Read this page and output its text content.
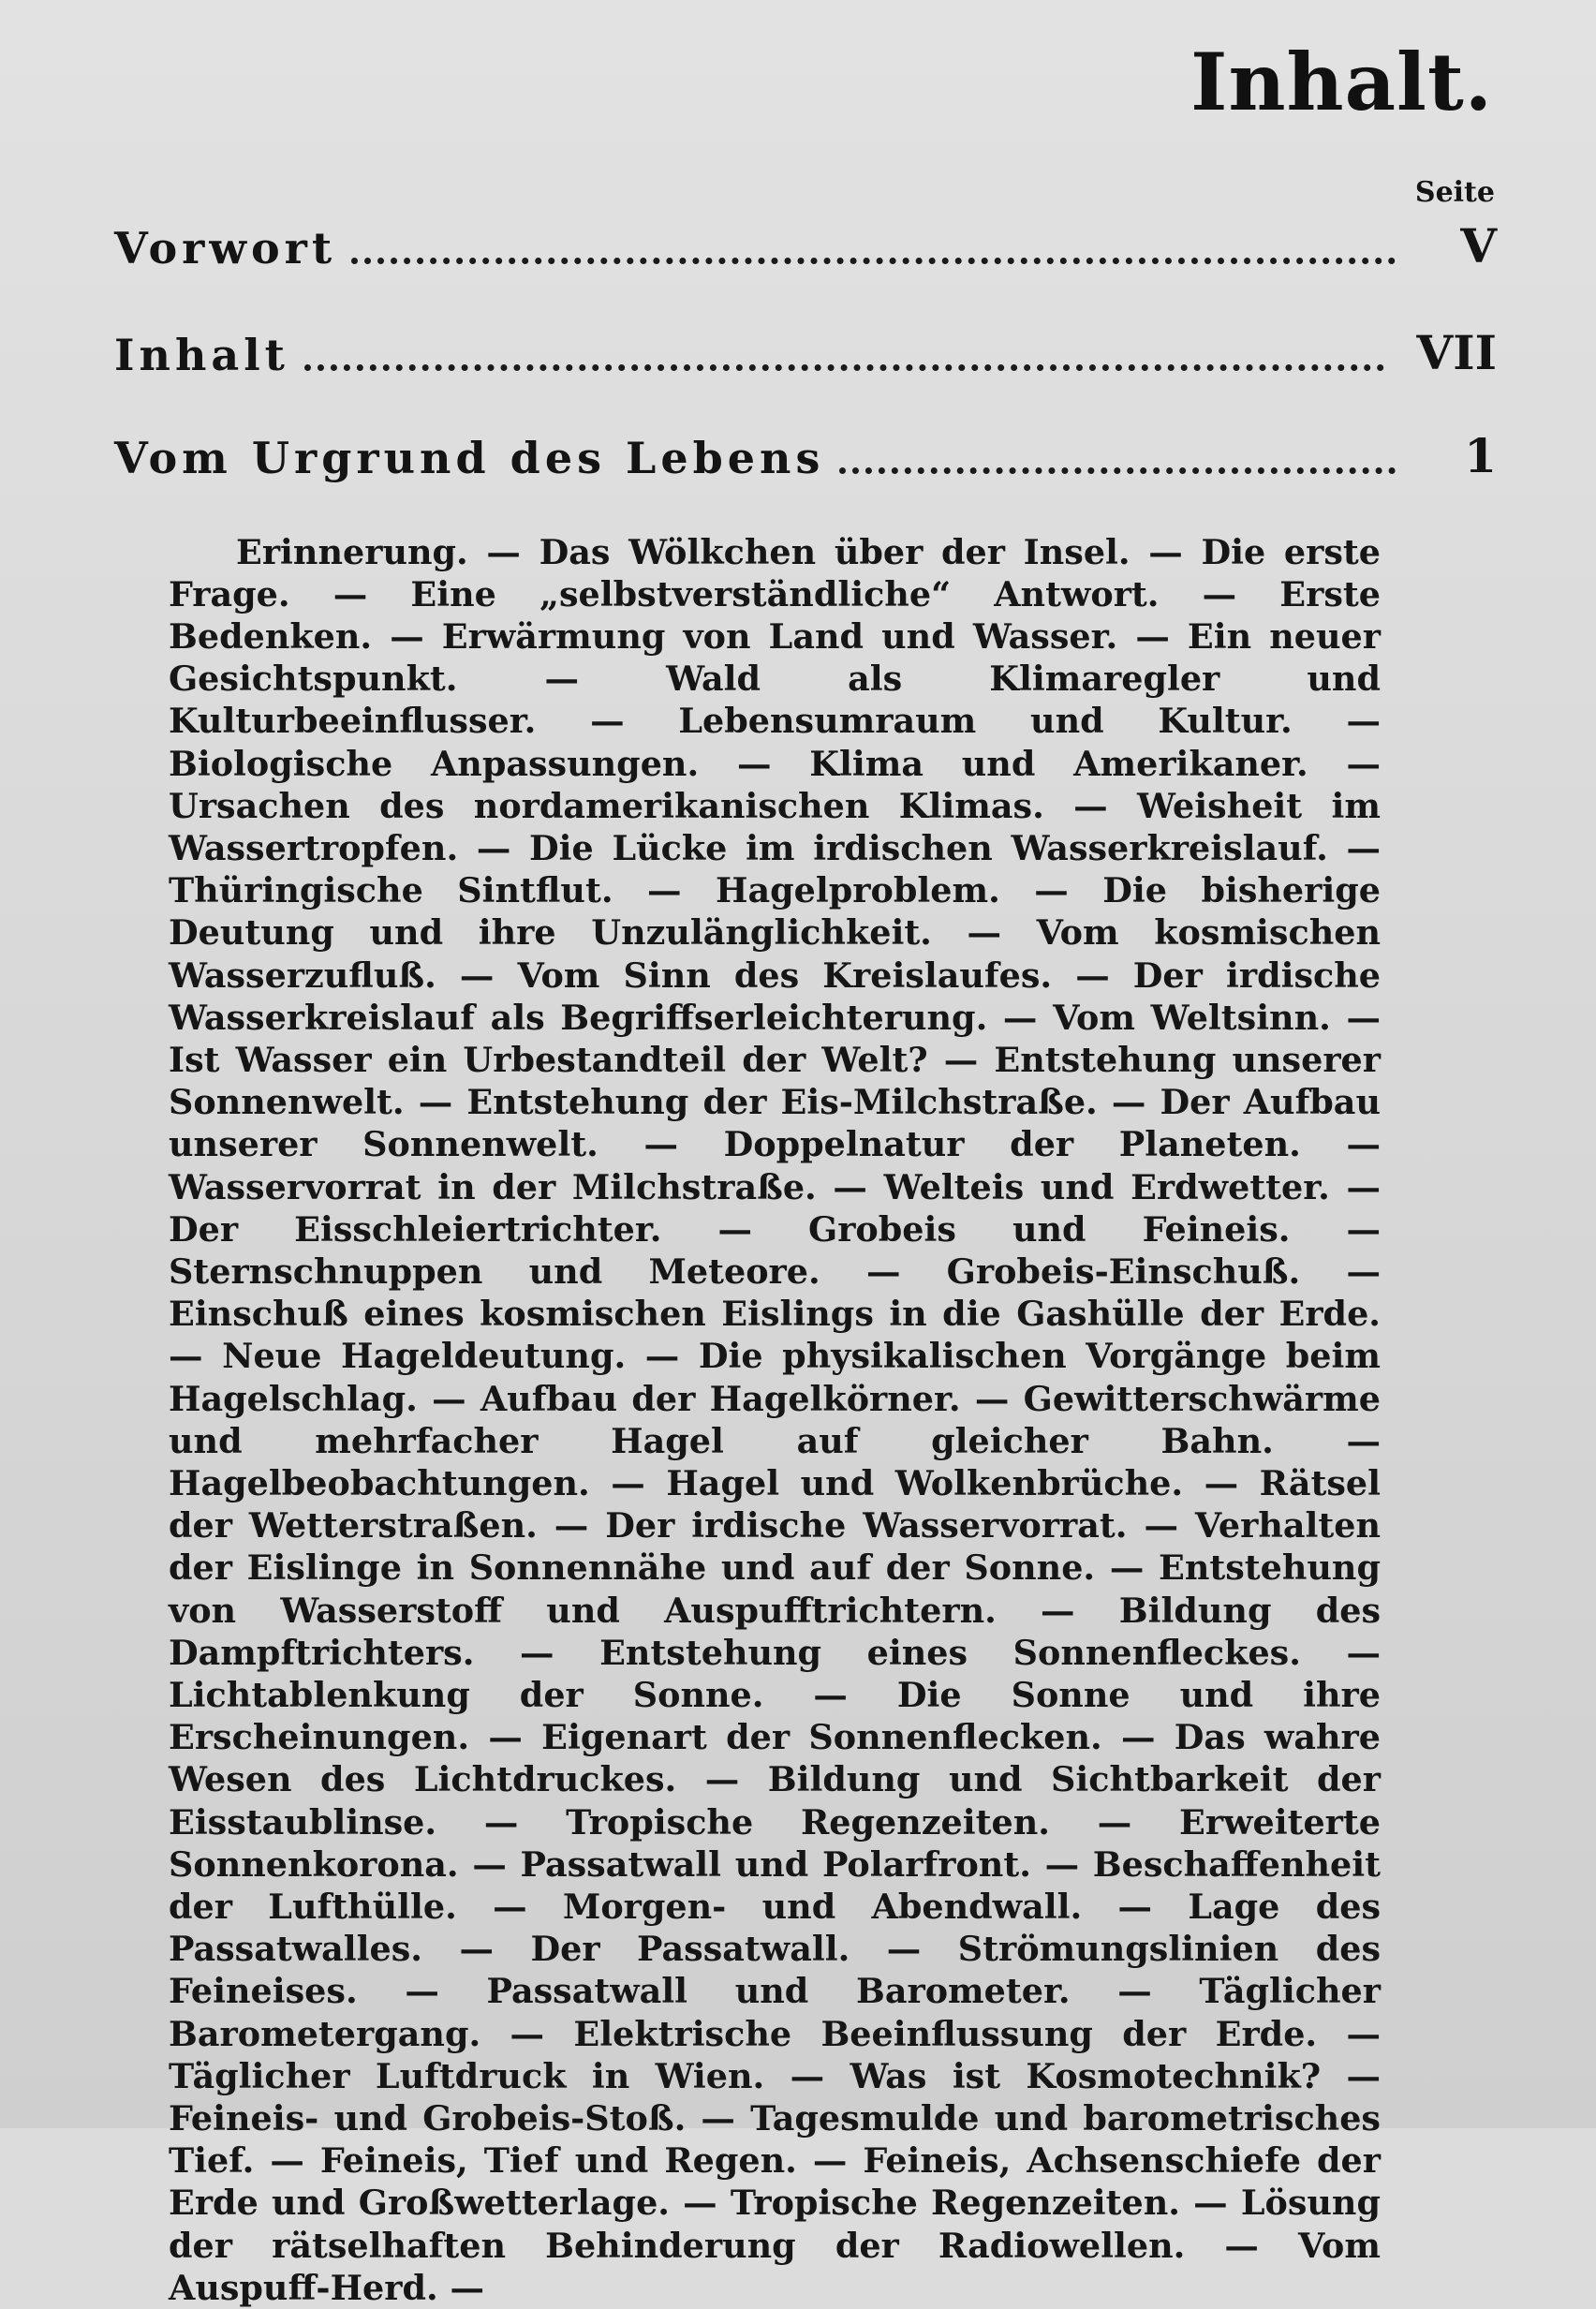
Inhalt.
Seite
Vorwort	V
Inhalt	VII
Vom Urgrund des Lebens	1

Erinnerung. — Das Wölkchen über der Insel. — Die erste Frage. — Eine „selbstverständliche“ Antwort. — Erste Bedenken. — Erwärmung von Land und Wasser. — Ein neuer Gesichtspunkt. — Wald als Klimaregler und Kulturbeeinflusser. — Lebensumraum und Kultur. — Biologische Anpassungen. — Klima und Amerikaner. — Ursachen des nordamerikanischen Klimas. — Weisheit im Wassertropfen. — Die Lücke im irdischen Wasserkreislauf. — Thüringische Sintflut. — Hagelproblem. — Die bisherige Deutung und ihre Unzulänglichkeit. — Vom kosmischen Wasserzufluß. — Vom Sinn des Kreislaufes. — Der irdische Wasserkreislauf als Begriffserleichterung. — Vom Weltsinn. — Ist Wasser ein Urbestandteil der Welt? — Entstehung unserer Sonnenwelt. — Entstehung der Eis-Milchstraße. — Der Aufbau unserer Sonnenwelt. — Doppelnatur der Planeten. — Wasservorrat in der Milchstraße. — Welteis und Erdwetter. — Der Eisschleiertrichter. — Grobeis und Feineis. — Sternschnuppen und Meteore. — Grobeis-Einschuß. — Einschuß eines kosmischen Eislings in die Gashülle der Erde. — Neue Hageldeutung. — Die physikalischen Vorgänge beim Hagelschlag. — Aufbau der Hagelkörner. — Gewitterschwärme und mehrfacher Hagel auf gleicher Bahn. — Hagelbeobachtungen. — Hagel und Wolkenbrüche. — Rätsel der Wetterstraßen. — Der irdische Wasservorrat. — Verhalten der Eislinge in Sonnennähe und auf der Sonne. — Entstehung von Wasserstoff und Auspufftrichtern. — Bildung des Dampftrichters. — Entstehung eines Sonnenfleckes. — Lichtablenkung der Sonne. — Die Sonne und ihre Erscheinungen. — Eigenart der Sonnenflecken. — Das wahre Wesen des Lichtdruckes. — Bildung und Sichtbarkeit der Eisstaublinse. — Tropische Regenzeiten. — Erweiterte Sonnenkorona. — Passatwall und Polarfront. — Beschaffenheit der Lufthülle. — Morgen- und Abendwall. — Lage des Passatwalles. — Der Passatwall. — Strömungslinien des Feineises. — Passatwall und Barometer. — Täglicher Barometergang. — Elektrische Beeinflussung der Erde. — Täglicher Luftdruck in Wien. — Was ist Kosmotechnik? — Feineis- und Grobeis-Stoß. — Tagesmulde und barometrisches Tief. — Feineis, Tief und Regen. — Feineis, Achsenschiefe der Erde und Großwetterlage. — Tropische Regenzeiten. — Lösung der rätselhaften Behinderung der Radiowellen. — Vom Auspuff-Herd. —
